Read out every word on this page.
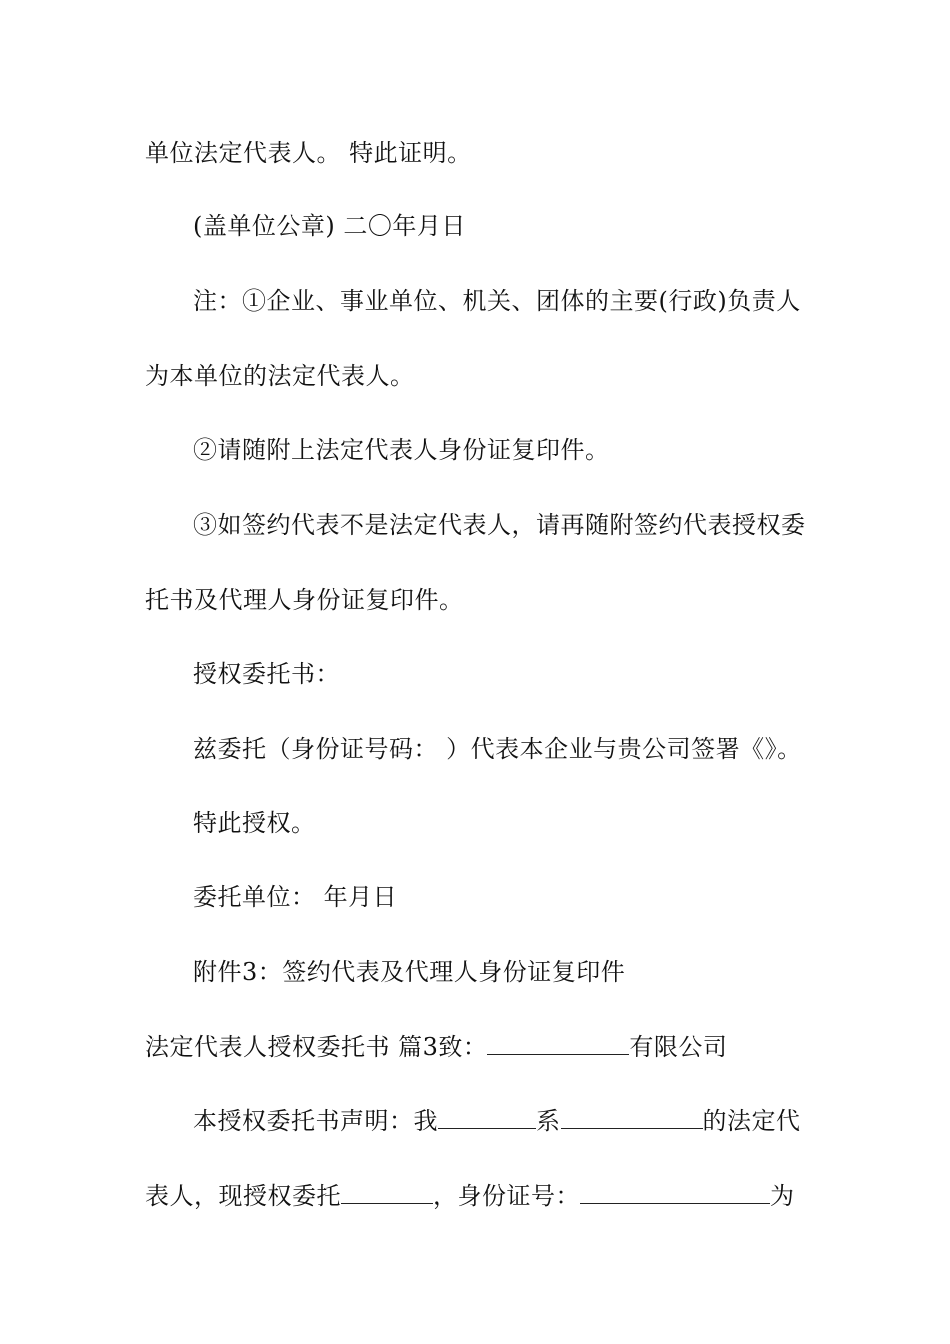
单位法定代表人。 特此证明。
(盖单位公章) 二〇年月日
注：①企业、事业单位、机关、团体的主要(行政)负责人
为本单位的法定代表人。
②请随附上法定代表人身份证复印件。
③如签约代表不是法定代表人，请再随附签约代表授权委
托书及代理人身份证复印件。
授权委托书：
兹委托（身份证号码： ）代表本企业与贵公司签署《》。
特此授权。
委托单位： 年月日
附件3：签约代表及代理人身份证复印件
法定代表人授权委托书 篇3致：	有限公司
本授权委托书声明：我	系	的法定代
表人，现授权委托	，身份证号：	为
